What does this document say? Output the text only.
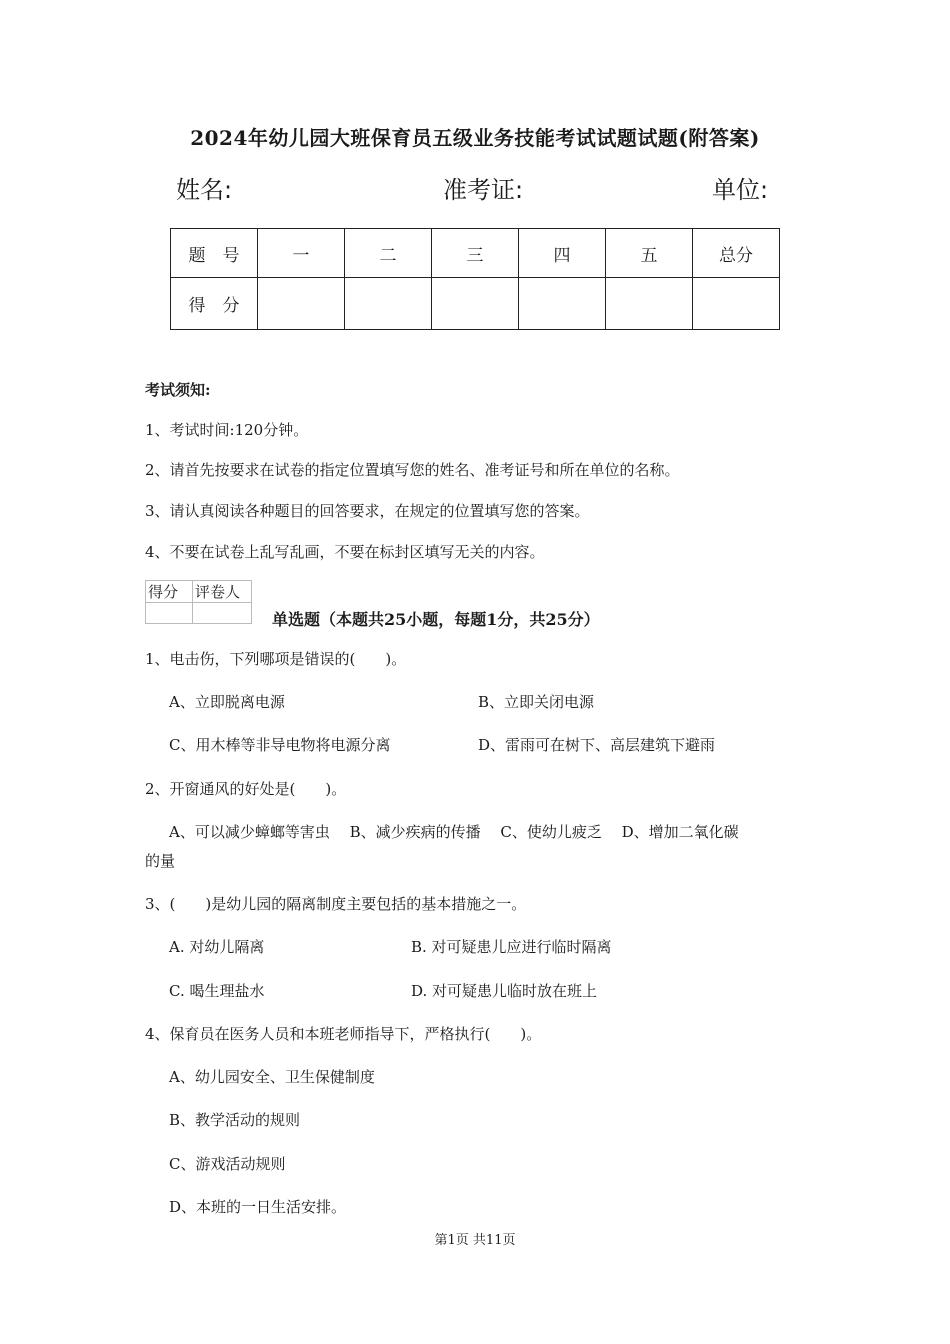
2024年幼儿园大班保育员五级业务技能考试试题试题(附答案)
姓名:	准考证:	单位:
题　号	一	二	三	四	五	总分
得　分						
考试须知:
1、考试时间:120分钟。
2、请首先按要求在试卷的指定位置填写您的姓名、准考证号和所在单位的名称。
3、请认真阅读各种题目的回答要求，在规定的位置填写您的答案。
4、不要在试卷上乱写乱画，不要在标封区填写无关的内容。
得分	评卷人

单选题（本题共25小题，每题1分，共25分）
1、电击伤，下列哪项是错误的(　　)。
A、立即脱离电源	B、立即关闭电源
C、用木棒等非导电物将电源分离	D、雷雨可在树下、高层建筑下避雨
2、开窗通风的好处是(　　)。
A、可以减少蟑螂等害虫　 B、减少疾病的传播　 C、使幼儿疲乏　 D、增加二氧化碳
的量
3、(　　)是幼儿园的隔离制度主要包括的基本措施之一。
A. 对幼儿隔离	B. 对可疑患儿应进行临时隔离
C. 喝生理盐水	D. 对可疑患儿临时放在班上
4、保育员在医务人员和本班老师指导下，严格执行(　　)。
A、幼儿园安全、卫生保健制度
B、教学活动的规则
C、游戏活动规则
D、本班的一日生活安排。
第1页 共11页
